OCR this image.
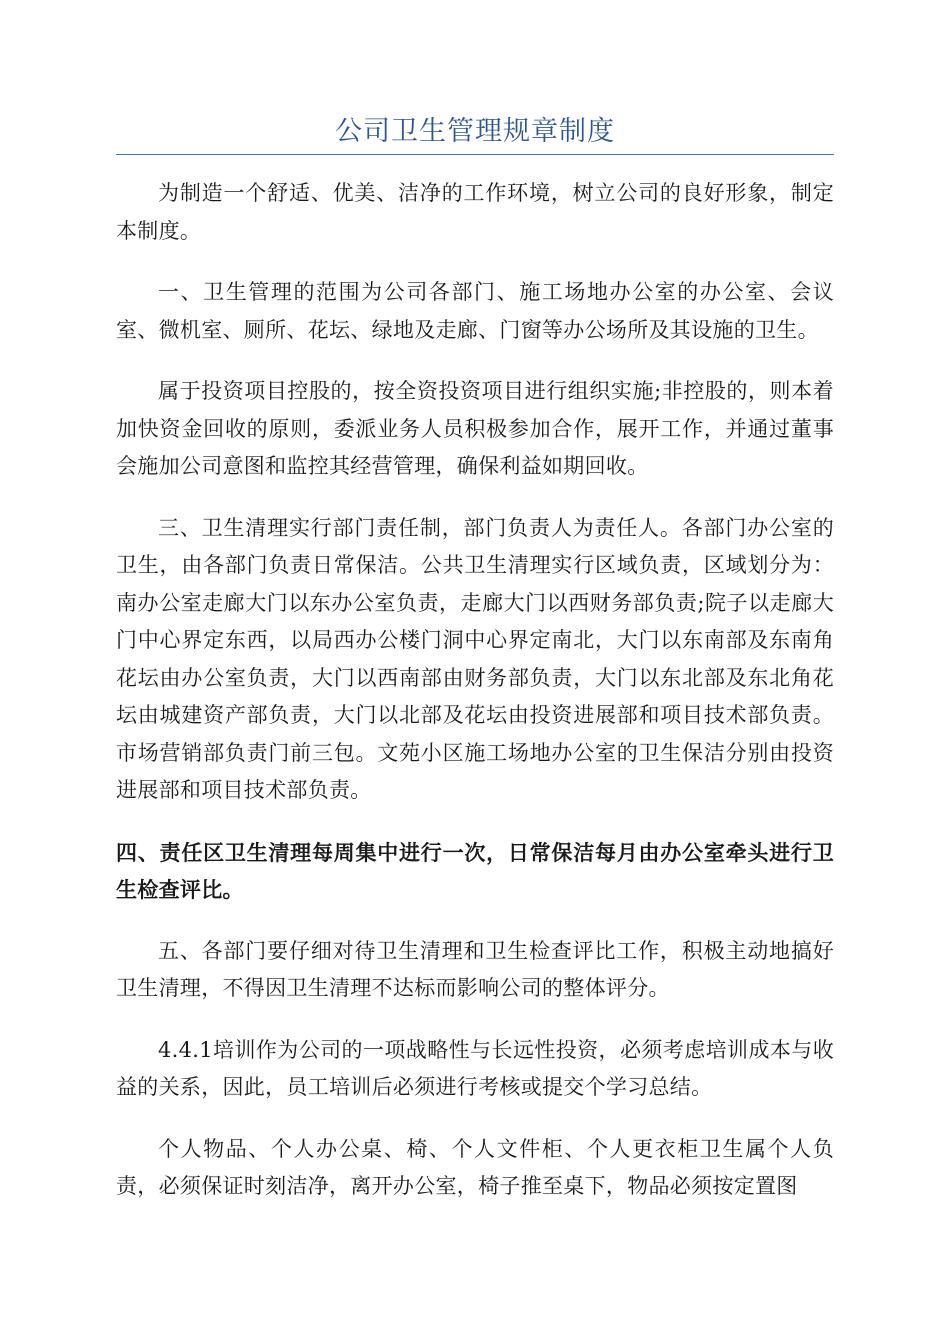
公司卫生管理规章制度

为制造一个舒适、优美、洁净的工作环境，树立公司的良好形象，制定本制度。

一、卫生管理的范围为公司各部门、施工场地办公室的办公室、会议室、微机室、厕所、花坛、绿地及走廊、门窗等办公场所及其设施的卫生。

属于投资项目控股的，按全资投资项目进行组织实施;非控股的，则本着加快资金回收的原则，委派业务人员积极参加合作，展开工作，并通过董事会施加公司意图和监控其经营管理，确保利益如期回收。

三、卫生清理实行部门责任制，部门负责人为责任人。各部门办公室的卫生，由各部门负责日常保洁。公共卫生清理实行区域负责，区域划分为：南办公室走廊大门以东办公室负责，走廊大门以西财务部负责;院子以走廊大门中心界定东西，以局西办公楼门洞中心界定南北，大门以东南部及东南角花坛由办公室负责，大门以西南部由财务部负责，大门以东北部及东北角花坛由城建资产部负责，大门以北部及花坛由投资进展部和项目技术部负责。市场营销部负责门前三包。文苑小区施工场地办公室的卫生保洁分别由投资进展部和项目技术部负责。

四、责任区卫生清理每周集中进行一次，日常保洁每月由办公室牵头进行卫生检查评比。

五、各部门要仔细对待卫生清理和卫生检查评比工作，积极主动地搞好卫生清理，不得因卫生清理不达标而影响公司的整体评分。

4.4.1培训作为公司的一项战略性与长远性投资，必须考虑培训成本与收益的关系，因此，员工培训后必须进行考核或提交个学习总结。

个人物品、个人办公桌、椅、个人文件柜、个人更衣柜卫生属个人负责，必须保证时刻洁净，离开办公室，椅子推至桌下，物品必须按定置图
